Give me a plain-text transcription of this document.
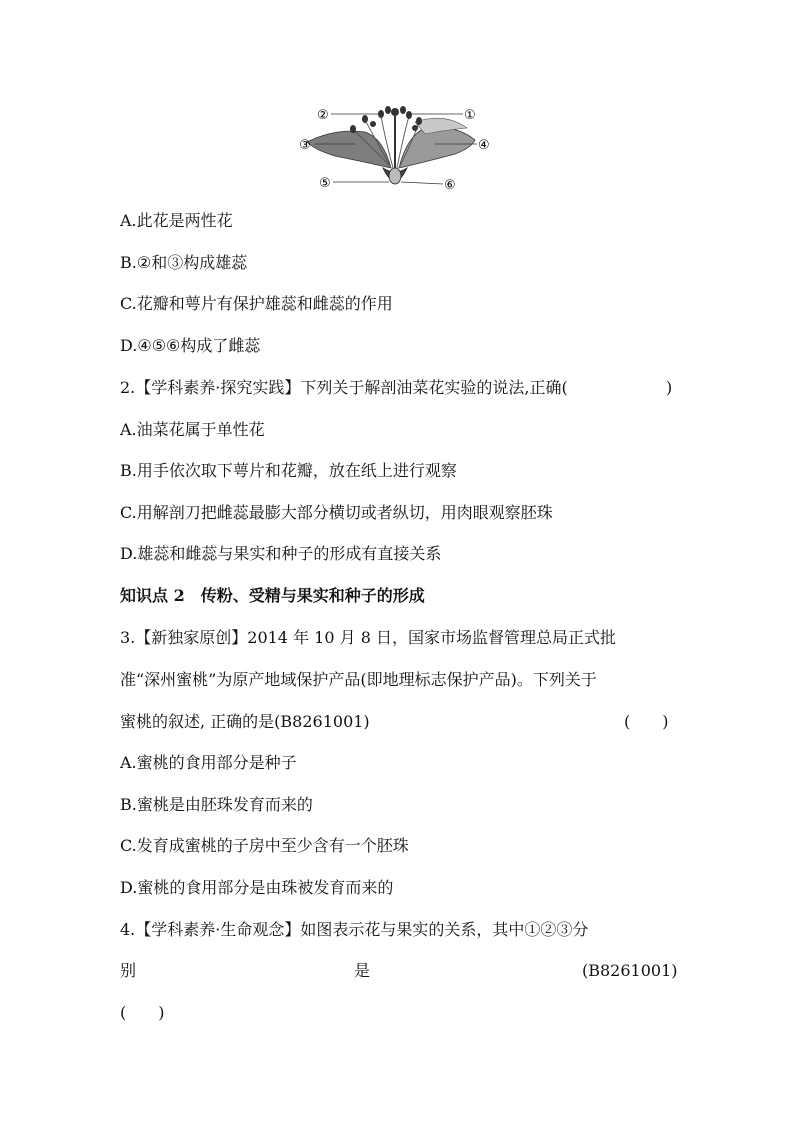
②	①
③	④
⑤	⑥
A.此花是两性花
B.②和③构成雄蕊
C.花瓣和萼片有保护雄蕊和雌蕊的作用
D.④⑤⑥构成了雌蕊
2.【学科素养·探究实践】下列关于解剖油菜花实验的说法,正确(	)
A.油菜花属于单性花
B.用手依次取下萼片和花瓣，放在纸上进行观察
C.用解剖刀把雌蕊最膨大部分横切或者纵切，用肉眼观察胚珠
D.雄蕊和雌蕊与果实和种子的形成有直接关系
知识点 2　传粉、受精与果实和种子的形成
3.【新独家原创】2014 年 10 月 8 日，国家市场监督管理总局正式批
准“深州蜜桃”为原产地域保护产品(即地理标志保护产品)。下列关于
蜜桃的叙述, 正确的是(B8261001)	(　　)
A.蜜桃的食用部分是种子
B.蜜桃是由胚珠发育而来的
C.发育成蜜桃的子房中至少含有一个胚珠
D.蜜桃的食用部分是由珠被发育而来的
4.【学科素养·生命观念】如图表示花与果实的关系，其中①②③分
别	是	(B8261001)
(　　)
